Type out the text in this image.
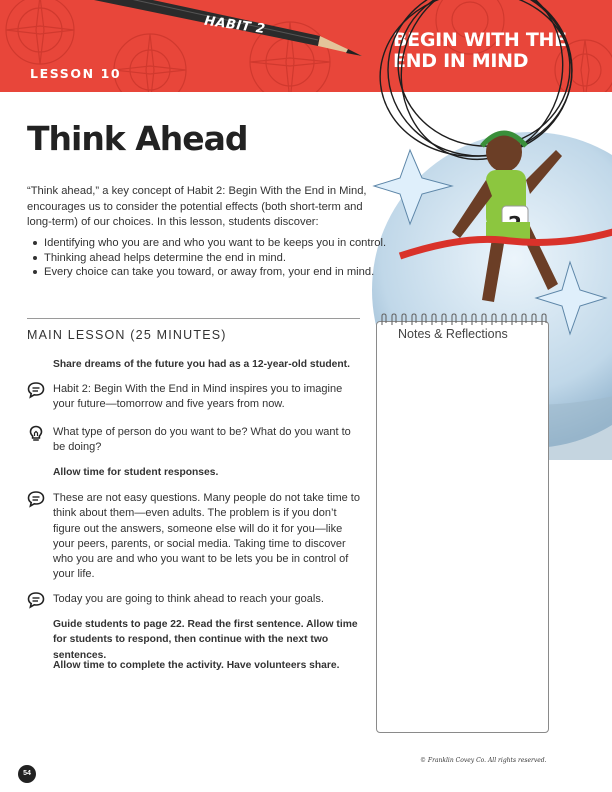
HABIT 2
LESSON 10
BEGIN WITH THE
END IN MIND
Think Ahead

“Think ahead,” a key concept of Habit 2: Begin With the End in Mind, encourages us to consider the potential effects (both short-term and long-term) of our choices. In this lesson, students discover:

Identifying who you are and who you want to be keeps you in control.
Thinking ahead helps determine the end in mind.
Every choice can take you toward, or away from, your end in mind.
MAIN LESSON (25 MINUTES)

Share dreams of the future you had as a 12-year-old student.

Habit 2: Begin With the End in Mind inspires you to imagine your future—tomorrow and five years from now.

What type of person do you want to be? What do you want to be doing?

Allow time for student responses.

These are not easy questions. Many people do not take time to think about them—even adults. The problem is if you don’t figure out the answers, someone else will do it for you—like your peers, parents, or social media. Taking time to discover who you are and who you want to be lets you be in control of your life.

Today you are going to think ahead to reach your goals.

Guide students to page 22. Read the first sentence. Allow time for students to respond, then continue with the next two sentences.

Allow time to complete the activity. Have volunteers share.

Notes & Reflections
© Franklin Covey Co. All rights reserved.
54
